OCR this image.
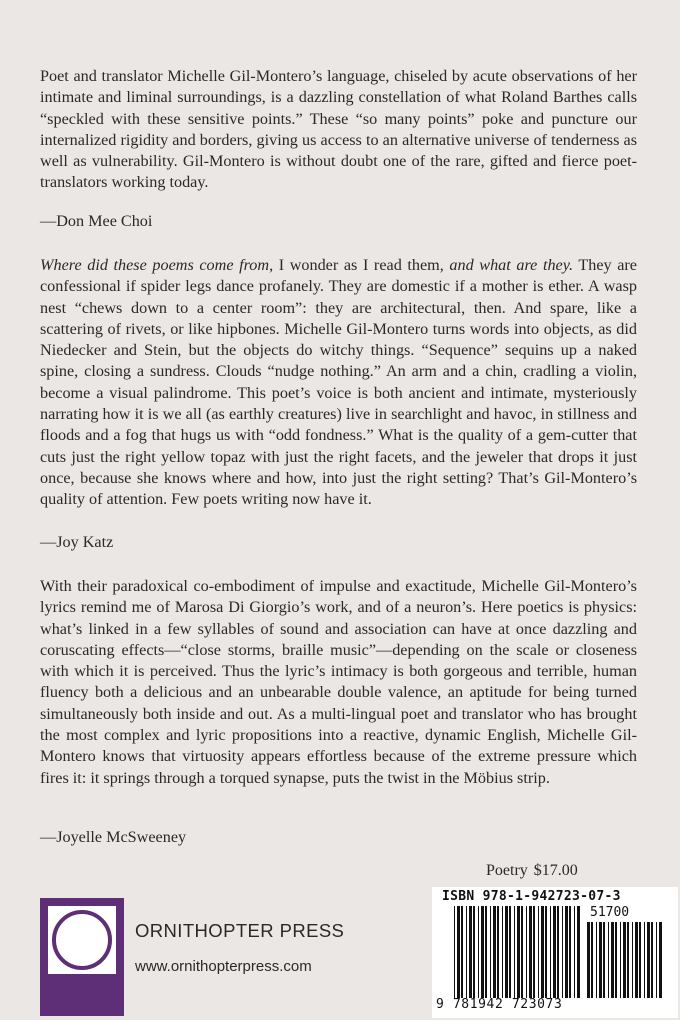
Poet and translator Michelle Gil-Montero’s language, chiseled by acute observations of her intimate and liminal surroundings, is a dazzling constellation of what Roland Barthes calls “speckled with these sensitive points.” These “so many points” poke and puncture our internalized rigidity and borders, giving us access to an alternative universe of tenderness as well as vulnerability. Gil-Montero is without doubt one of the rare, gifted and fierce poet-translators working today.

—Don Mee Choi

Where did these poems come from, I wonder as I read them, and what are they. They are confessional if spider legs dance profanely. They are domestic if a mother is ether. A wasp nest “chews down to a center room”: they are architectural, then. And spare, like a scattering of rivets, or like hipbones. Michelle Gil-Montero turns words into objects, as did Niedecker and Stein, but the objects do witchy things. “Sequence” sequins up a naked spine, closing a sundress. Clouds “nudge nothing.” An arm and a chin, cradling a violin, become a visual palindrome. This poet’s voice is both ancient and intimate, mysteriously narrating how it is we all (as earthly creatures) live in searchlight and havoc, in stillness and floods and a fog that hugs us with “odd fondness.” What is the quality of a gem-cutter that cuts just the right yellow topaz with just the right facets, and the jeweler that drops it just once, because she knows where and how, into just the right setting? That’s Gil-Montero’s quality of attention. Few poets writing now have it.

—Joy Katz

With their paradoxical co-embodiment of impulse and exactitude, Michelle Gil-Montero’s lyrics remind me of Marosa Di Giorgio’s work, and of a neuron’s. Here poetics is physics: what’s linked in a few syllables of sound and association can have at once dazzling and coruscating effects—“close storms, braille music”—depending on the scale or closeness with which it is perceived. Thus the lyric’s intimacy is both gorgeous and terrible, human fluency both a delicious and an unbearable double valence, an aptitude for being turned simultaneously both inside and out. As a multi-lingual poet and translator who has brought the most complex and lyric propositions into a reactive, dynamic English, Michelle Gil-Montero knows that virtuosity appears effortless because of the extreme pressure which fires it: it springs through a torqued synapse, puts the twist in the Möbius strip.

—Joyelle McSweeney
Poetry $17.00
ORNITHOPTER PRESS
www.ornithopterpress.com
ISBN 978-1-942723-07-3
51700
9 781942 723073
